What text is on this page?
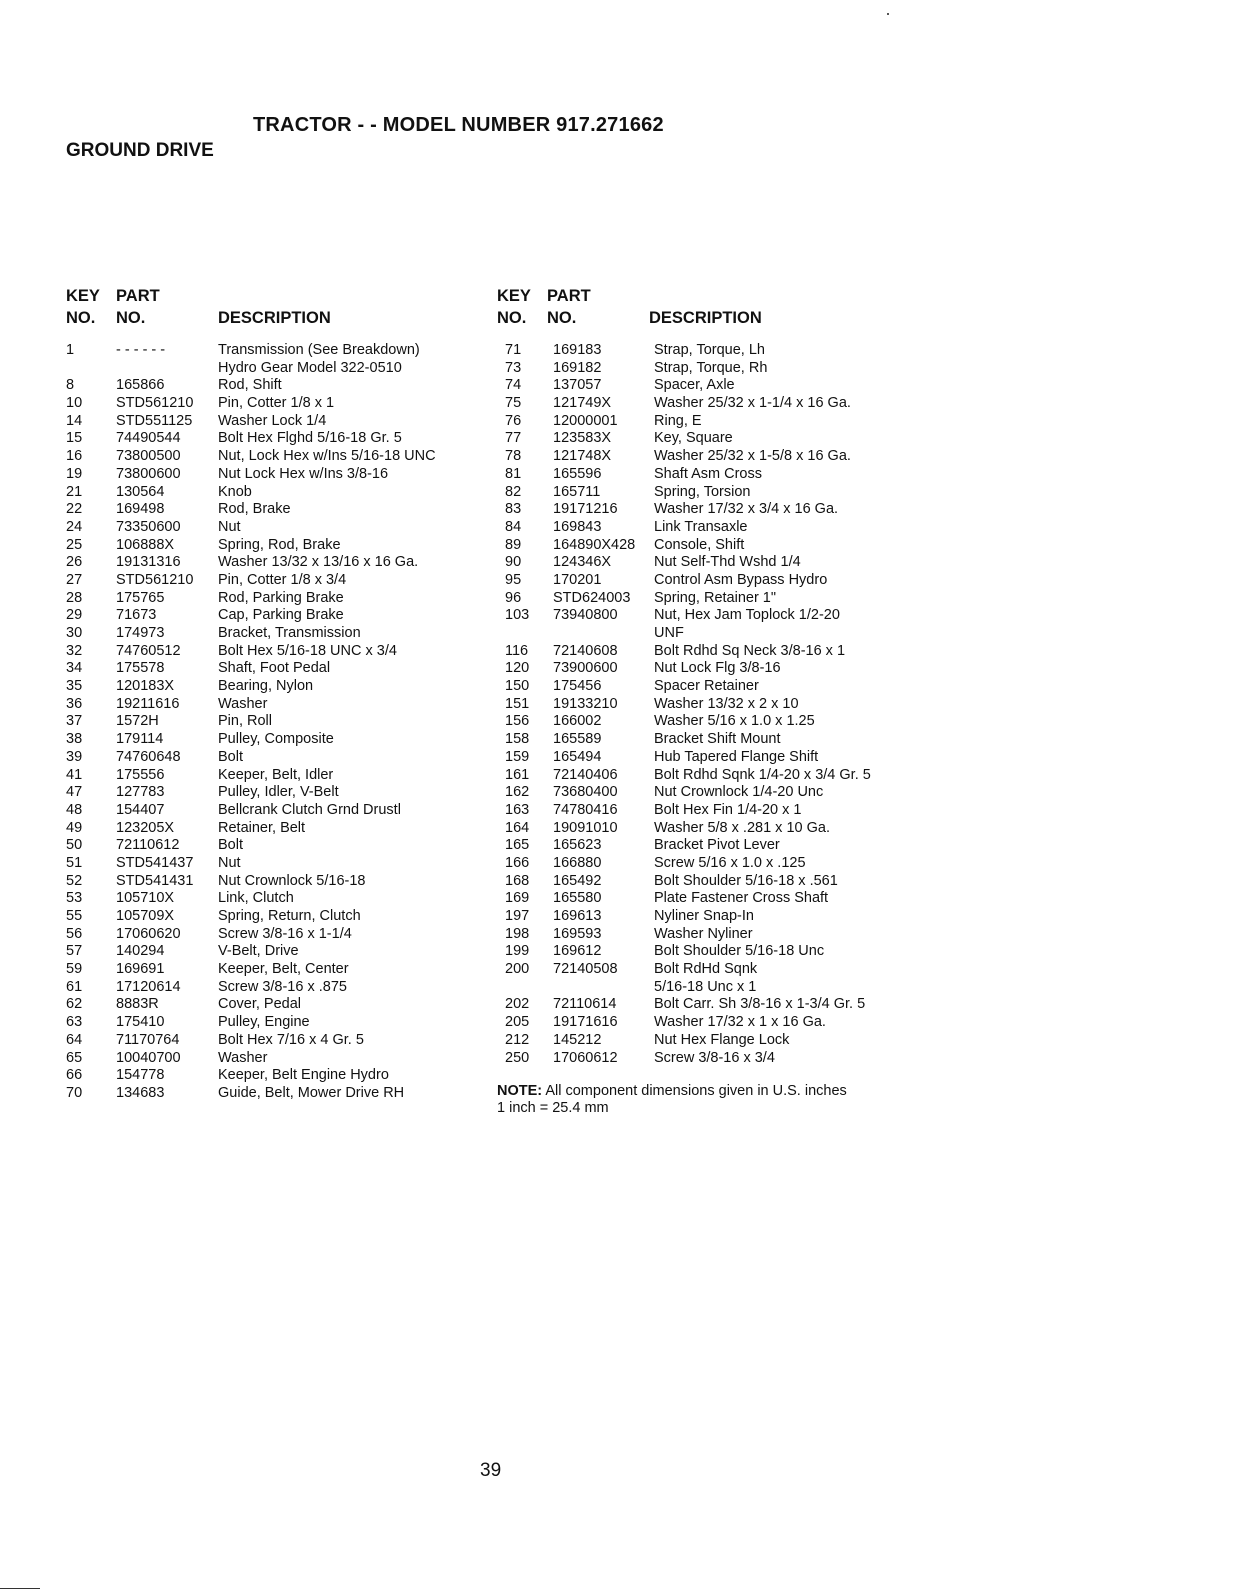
TRACTOR - - MODEL NUMBER 917.271662
GROUND DRIVE
KEY
NO.
PART
NO.	DESCRIPTION
1	- - - - - -	Transmission (See Breakdown)
Hydro Gear Model 322-0510
8	165866	Rod, Shift
10	STD561210 Pin, Cotter 1/8 x 1
14	STD551125 Washer Lock 1/4
15	74490544	Bolt Hex Flghd 5/16-18 Gr. 5
16	73800500	Nut, Lock Hex w/Ins 5/16-18 UNC
19	73800600	Nut Lock Hex w/Ins 3/8-16
21	130564	Knob
22	169498	Rod, Brake
24	73350600	Nut
25	106888X	Spring, Rod, Brake
26	19131316	Washer 13/32 x 13/16 x 16 Ga.
27	STD561210 Pin, Cotter 1/8 x 3/4
28	175765	Rod, Parking Brake
29	71673	Cap, Parking Brake
30	174973	Bracket, Transmission
32	74760512	Bolt Hex 5/16-18 UNC x 3/4
34	175578	Shaft, Foot Pedal
35	120183X	Bearing, Nylon
36	19211616	Washer
37	1572H	Pin, Roll
38	179114	Pulley, Composite
39	74760648	Bolt
41	175556	Keeper, Belt, Idler
47	127783	Pulley, Idler, V-Belt
48	154407	Bellcrank Clutch Grnd Drustl
49	123205X	Retainer, Belt
50	72110612	Bolt
51	STD541437 Nut
52	STD541431 Nut Crownlock 5/16-18
53	105710X	Link, Clutch
55	105709X	Spring, Return, Clutch
56	17060620	Screw 3/8-16 x 1-1/4
57	140294	V-Belt, Drive
59	169691	Keeper, Belt, Center
61	17120614	Screw 3/8-16 x .875
62	8883R	Cover, Pedal
63	175410	Pulley, Engine
64	71170764	Bolt Hex 7/16 x 4 Gr. 5
65	10040700	Washer
66	154778	Keeper, Belt Engine Hydro
70	134683	Guide, Belt, Mower Drive RH
KEY
NO.
PART
NO.	DESCRIPTION
71	169183	Strap, Torque, Lh
73	169182	Strap, Torque, Rh
74	137057	Spacer, Axle
75	121749X	Washer 25/32 x 1-1/4 x 16 Ga.
76	12000001	Ring, E
77	123583X	Key, Square
78	121748X	Washer 25/32 x 1-5/8 x 16 Ga.
81	165596	Shaft Asm Cross
82	165711	Spring, Torsion
83	19171216	Washer 17/32 x 3/4 x 16 Ga.
84	169843	Link Transaxle
89	164890X428 Console, Shift
90	124346X	Nut Self-Thd Wshd 1/4
95	170201	Control Asm Bypass Hydro
96	STD624003 Spring, Retainer 1"
103	73940800	Nut, Hex Jam Toplock 1/2-20
UNF
116	72140608	Bolt Rdhd Sq Neck 3/8-16 x 1
120	73900600	Nut Lock Flg 3/8-16
150	175456	Spacer Retainer
151	19133210	Washer 13/32 x 2 x 10
156	166002	Washer 5/16 x 1.0 x 1.25
158	165589	Bracket Shift Mount
159	165494	Hub Tapered Flange Shift
161	72140406	Bolt Rdhd Sqnk 1/4-20 x 3/4 Gr. 5
162	73680400	Nut Crownlock 1/4-20 Unc
163	74780416	Bolt Hex Fin 1/4-20 x 1
164	19091010	Washer 5/8 x .281 x 10 Ga.
165	165623	Bracket Pivot Lever
166	166880	Screw 5/16 x 1.0 x .125
168	165492	Bolt Shoulder 5/16-18 x .561
169	165580	Plate Fastener Cross Shaft
197	169613	Nyliner Snap-In
198	169593	Washer Nyliner
199	169612	Bolt Shoulder 5/16-18 Unc
200	72140508	Bolt RdHd Sqnk
5/16-18 Unc x 1
202	72110614	Bolt Carr. Sh 3/8-16 x 1-3/4 Gr. 5
205	19171616	Washer 17/32 x 1 x 16 Ga.
212	145212	Nut Hex Flange Lock
250	17060612	Screw 3/8-16 x 3/4
NOTE: All component dimensions given in U.S. inches
1 inch = 25.4 mm
39
